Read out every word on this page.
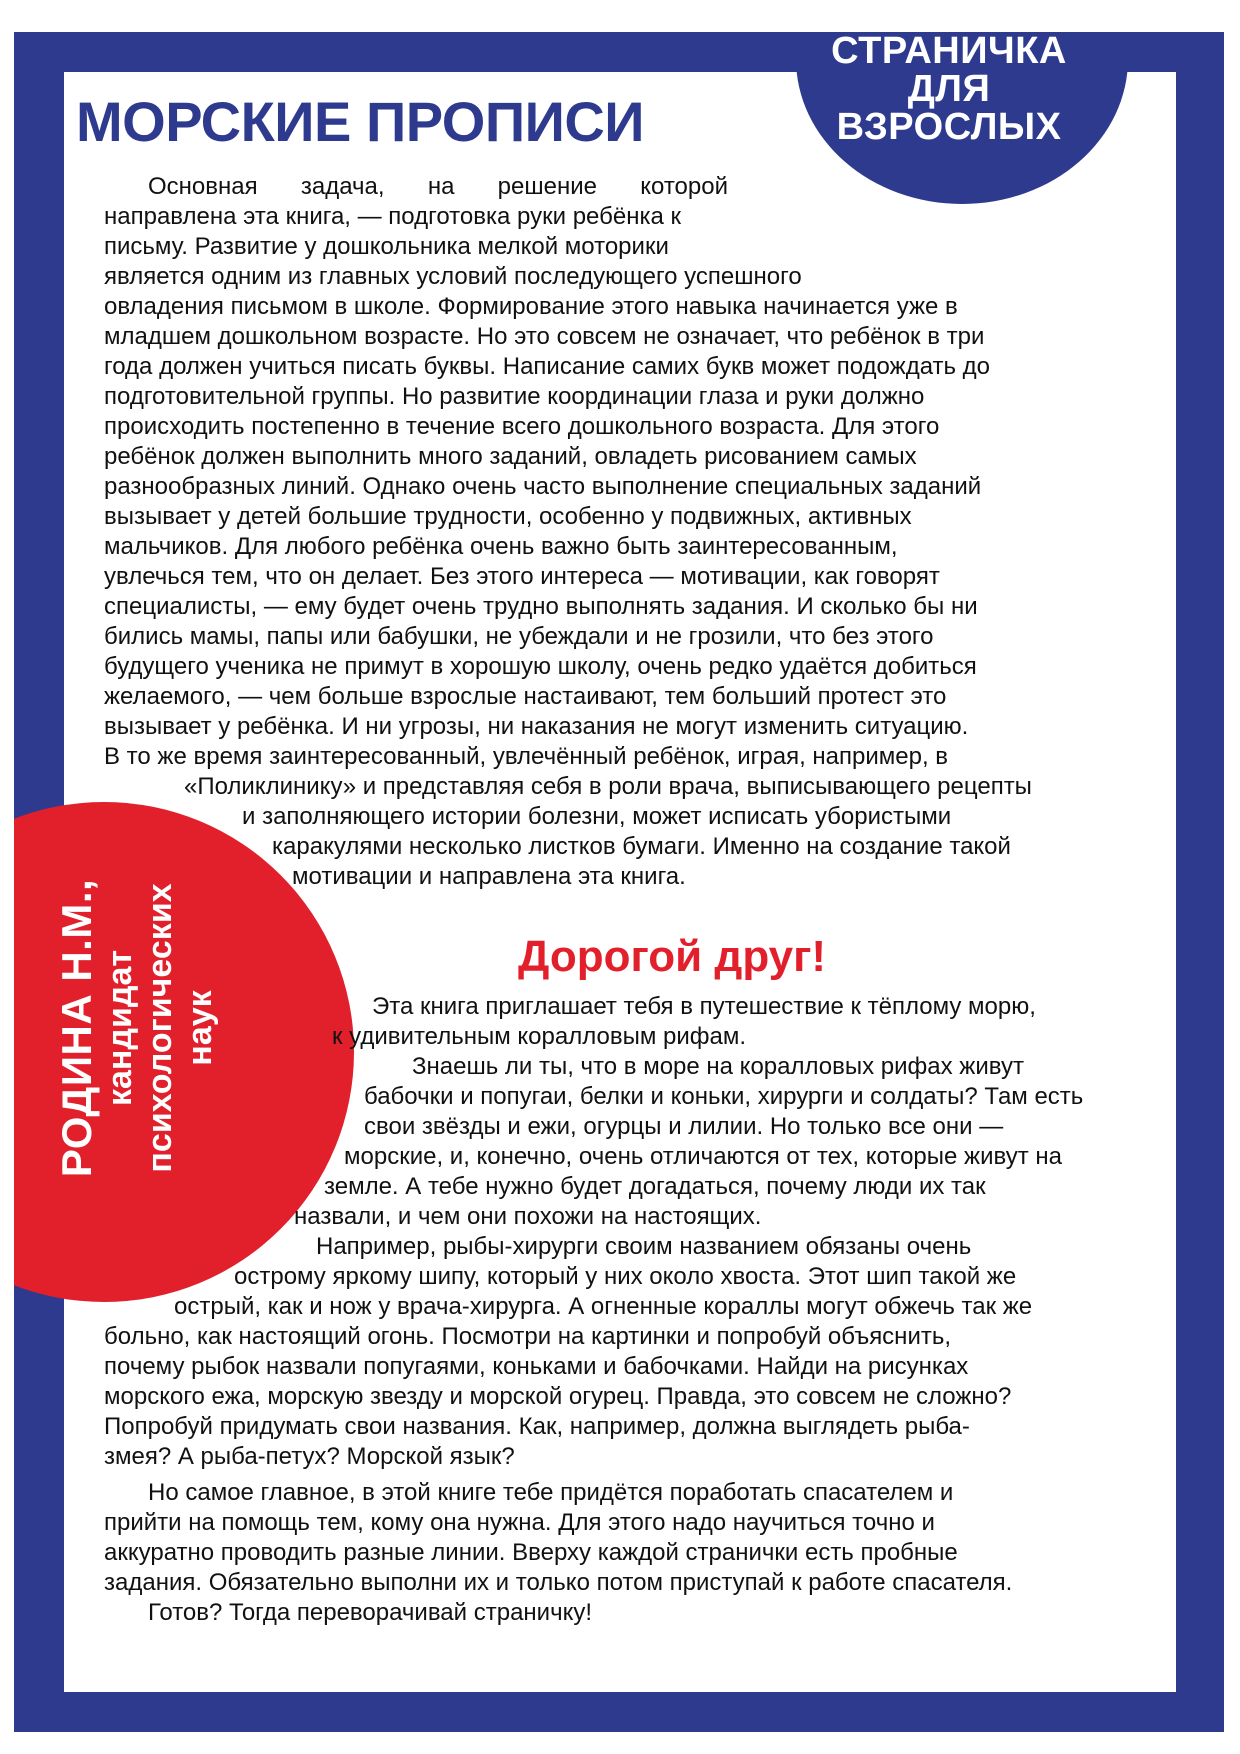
СТРАНИЧКА
ДЛЯ
ВЗРОСЛЫХ
МОРСКИЕ ПРОПИСИ

Основная задача, на решение которой

направлена эта книга, — подготовка руки ребёнка к

письму. Развитие у дошкольника мелкой моторики

является одним из главных условий последующего успешного

овладения письмом в школе. Формирование этого навыка начинается уже в

младшем дошкольном возрасте. Но это совсем не означает, что ребёнок в три

года должен учиться писать буквы. Написание самих букв может подождать до

подготовительной группы. Но развитие координации глаза и руки должно

происходить постепенно в течение всего дошкольного возраста. Для этого

ребёнок должен выполнить много заданий, овладеть рисованием самых

разнообразных линий. Однако очень часто выполнение специальных заданий

вызывает у детей большие трудности, особенно у подвижных, активных

мальчиков. Для любого ребёнка очень важно быть заинтересованным,

увлечься тем, что он делает. Без этого интереса — мотивации, как говорят

специалисты, — ему будет очень трудно выполнять задания. И сколько бы ни

бились мамы, папы или бабушки, не убеждали и не грозили, что без этого

будущего ученика не примут в хорошую школу, очень редко удаётся добиться

желаемого, — чем больше взрослые настаивают, тем больший протест это

вызывает у ребёнка. И ни угрозы, ни наказания не могут изменить ситуацию.

В то же время заинтересованный, увлечённый ребёнок, играя, например, в

«Поликлинику» и представляя себя в роли врача, выписывающего рецепты

и заполняющего истории болезни, может исписать убористыми

каракулями несколько листков бумаги. Именно на создание такой

мотивации и направлена эта книга.

РОДИНА Н.М., кандидат психологических наук
Дорогой друг!

Эта книга приглашает тебя в путешествие к тёплому морю,

к удивительным коралловым рифам.

Знаешь ли ты, что в море на коралловых рифах живут

бабочки и попугаи, белки и коньки, хирурги и солдаты? Там есть

свои звёзды и ежи, огурцы и лилии. Но только все они —

морские, и, конечно, очень отличаются от тех, которые живут на

земле. А тебе нужно будет догадаться, почему люди их так

назвали, и чем они похожи на настоящих.

Например, рыбы-хирурги своим названием обязаны очень

острому яркому шипу, который у них около хвоста. Этот шип такой же

острый, как и нож у врача-хирурга. А огненные кораллы могут обжечь так же

больно, как настоящий огонь. Посмотри на картинки и попробуй объяснить,

почему рыбок назвали попугаями, коньками и бабочками. Найди на рисунках

морского ежа, морскую звезду и морской огурец. Правда, это совсем не сложно?

Попробуй придумать свои названия. Как, например, должна выглядеть рыба-

змея? А рыба-петух? Морской язык?

Но самое главное, в этой книге тебе придётся поработать спасателем и

прийти на помощь тем, кому она нужна. Для этого надо научиться точно и

аккуратно проводить разные линии. Вверху каждой странички есть пробные

задания. Обязательно выполни их и только потом приступай к работе спасателя.

Готов? Тогда переворачивай страничку!
